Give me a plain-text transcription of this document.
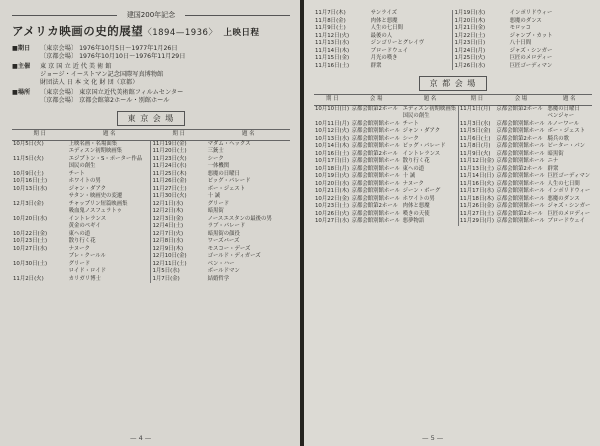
建国200年記念
アメリカ映画の史的展望〈1894—1936〉 上映日程
■期日	〔東京会場〕 1976年10月5日〜1977年1月26日
〔京都会場〕 1976年10月10日〜1976年11月29日
■主催	東 京 国 立 近 代 美 術 館
ジョージ・イーストマン記念国際写真博物館
財団法人 日 本 文 化 財 団（京都）
■場所	〔東京会場〕 東京国立近代美術館フィルムセンター
〔京都会場〕 京都会館第2ホール・別館ホール
東 京 会 場
期 日	題 名	期 日	題 名
10月5日(火)	上映名画・名場面集	11月19日(金)	マダム・ヘックス
	エディスン初期映画集	11月20日(土)	三銃士
11月5日(火)	エジプトン・S・ポーター作品	11月23日(火)	シーク
	国民の創生	11月24日(水)	一体機関
10月9日(土)	チート	11月25日(木)	悪魔の日曜日
10月16日(土)	ホワイトの男	11月26日(金)	ビッグ・パレード
10月13日(水)	ジャン・ダアク	11月27日(土)	ボー・ジェスト
	サタン・映画史の変遷	11月30日(火)	十 誡
12月3日(金)	チャップリン短篇映画集	12月1日(水)	グリード
	吸血鬼ノスフェラトゥ	12月2日(木)	暗黒街
10月20日(水)	イントレランス	12月3日(金)	ノースエスタンの最後の男
	黄金のペギイ	12月4日(土)	ラブ・パレード
10月22日(金)	東への道	12月7日(火)	暗黒街の顔役
10月23日(土)	散り行く花	12月8日(水)	ワーズバーズ
10月27日(水)	ナヌーク	12月9日(木)	モスコー・デーズ
	ブレ・クールル	12月10日(金)	ゴールド・ディガーズ
10月30日(土)	グリード	12月11日(土)	ベン・ハー
	ロイド・ロイド	1月5日(水)	ボールドマン
11月2日(火)	カリガリ博士	1月7日(金)	結婚哲学
— 4 —
11月7日(木)	サンライズ	1月19日(水)	インポリドウィー
11月8日(金)	肉体と悪魔	1月20日(木)	悪魔のダンス
11月9日(土)	人生の七日間	1月21日(金)	モロッコ
11月12日(火)	最後の人	1月22日(土)	ジャンプ・カット
11月13日(水)	ジンゴリーとグレイヴ	1月23日(日)	八十日間
11月14日(木)	ブロードウェイ	1月24日(月)	ジャズ・シンガー
11月15日(金)	月光の嘆き	1月25日(火)	巨匠のメロディー
11月16日(土)	群衆	1月26日(水)	巨匠ゴーディマン
京 都 会 場
期 日	会 場	題 名	期 日	会 場	題 名
10月10日(日)	京都会館第2ホール	エディスン初期映画集	11月1日(月)	京都会館第2ホール	悪魔の日曜日
		国民の創生			ベンジャー
10月11日(月)	京都会館別館ホール	チート	11月3日(水)	京都会館別館ホール	ルノーワール
10月12日(火)	京都会館別館ホール	ジャン・ダアク	11月5日(金)	京都会館別館ホール	ボー・ジェスト
10月13日(水)	京都会館別館ホール	シーク	11月6日(土)	京都会館第2ホール	騎兵の歌
10月14日(木)	京都会館別館ホール	ビッグ・パレード	11月8日(月)	京都会館別館ホール	ピーター・パン
10月16日(土)	京都会館第2ホール	イントレランス	11月9日(火)	京都会館別館ホール	暗黒街
10月17日(日)	京都会館別館ホール	散り行く花	11月12日(金)	京都会館別館ホール	ニナ
10月18日(月)	京都会館別館ホール	東への道	11月13日(土)	京都会館第2ホール	群衆
10月19日(火)	京都会館別館ホール	十 誡	11月14日(日)	京都会館別館ホール	巨匠ゴーディマン
10月20日(水)	京都会館別館ホール	ナヌーク	11月16日(火)	京都会館別館ホール	人生の七日間
10月21日(木)	京都会館別館ホール	ジーン・ボーグ	11月17日(水)	京都会館別館ホール	インポリドウィー
10月22日(金)	京都会館別館ホール	ホワイトの男	11月18日(木)	京都会館別館ホール	悪魔のダンス
10月23日(土)	京都会館第2ホール	肉体と悪魔	11月26日(金)	京都会館別館ホール	ジャズ・シンガー
10月26日(火)	京都会館別館ホール	嘆きの天使	11月27日(土)	京都会館第2ホール	巨匠のメロディー
10月27日(水)	京都会館別館ホール	悪夢物語	11月29日(月)	京都会館別館ホール	ブロードウェイ
— 5 —
